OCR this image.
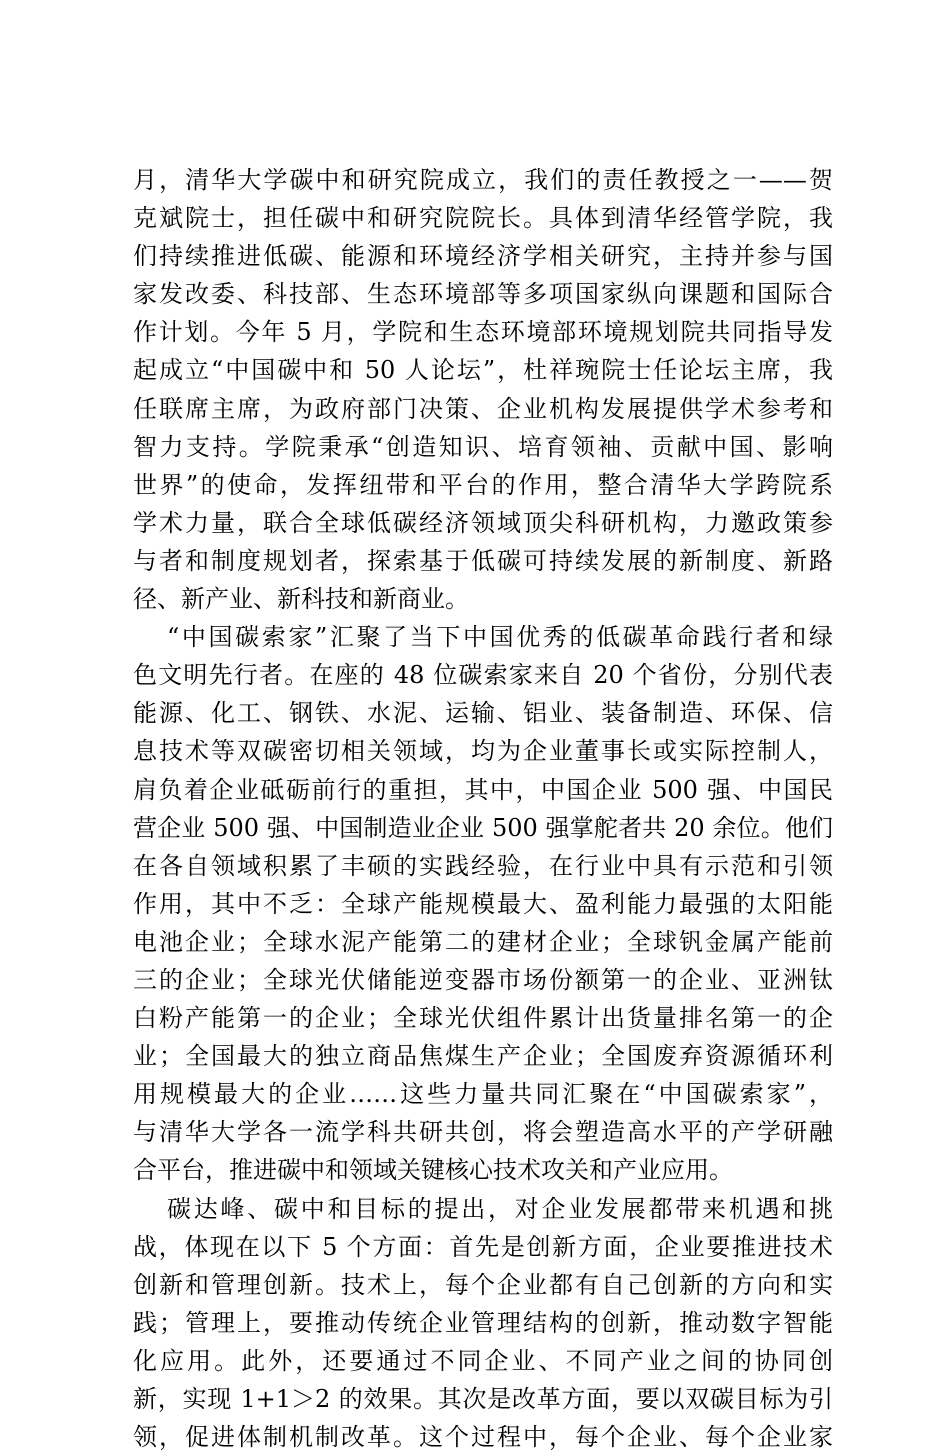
月，清华大学碳中和研究院成立，我们的责任教授之一——贺
克斌院士，担任碳中和研究院院长。具体到清华经管学院，我
们持续推进低碳、能源和环境经济学相关研究，主持并参与国
家发改委、科技部、生态环境部等多项国家纵向课题和国际合
作计划。今年 5 月，学院和生态环境部环境规划院共同指导发
起成立“中国碳中和 50 人论坛”，杜祥琬院士任论坛主席，我
任联席主席，为政府部门决策、企业机构发展提供学术参考和
智力支持。学院秉承“创造知识、培育领袖、贡献中国、影响
世界”的使命，发挥纽带和平台的作用，整合清华大学跨院系
学术力量，联合全球低碳经济领域顶尖科研机构，力邀政策参
与者和制度规划者，探索基于低碳可持续发展的新制度、新路
径、新产业、新科技和新商业。
“中国碳索家”汇聚了当下中国优秀的低碳革命践行者和绿
色文明先行者。在座的 48 位碳索家来自 20 个省份，分别代表
能源、化工、钢铁、水泥、运输、铝业、装备制造、环保、信
息技术等双碳密切相关领域，均为企业董事长或实际控制人，
肩负着企业砥砺前行的重担，其中，中国企业 500 强、中国民
营企业 500 强、中国制造业企业 500 强掌舵者共 20 余位。他们
在各自领域积累了丰硕的实践经验，在行业中具有示范和引领
作用，其中不乏：全球产能规模最大、盈利能力最强的太阳能
电池企业；全球水泥产能第二的建材企业；全球钒金属产能前
三的企业；全球光伏储能逆变器市场份额第一的企业、亚洲钛
白粉产能第一的企业；全球光伏组件累计出货量排名第一的企
业；全国最大的独立商品焦煤生产企业；全国废弃资源循环利
用规模最大的企业……这些力量共同汇聚在“中国碳索家”，
与清华大学各一流学科共研共创，将会塑造高水平的产学研融
合平台，推进碳中和领域关键核心技术攻关和产业应用。
碳达峰、碳中和目标的提出，对企业发展都带来机遇和挑
战，体现在以下 5 个方面：首先是创新方面，企业要推进技术
创新和管理创新。技术上，每个企业都有自己创新的方向和实
践；管理上，要推动传统企业管理结构的创新，推动数字智能
化应用。此外，还要通过不同企业、不同产业之间的协同创
新，实现 1+1＞2 的效果。其次是改革方面，要以双碳目标为引
领，促进体制机制改革。这个过程中，每个企业、每个企业家
